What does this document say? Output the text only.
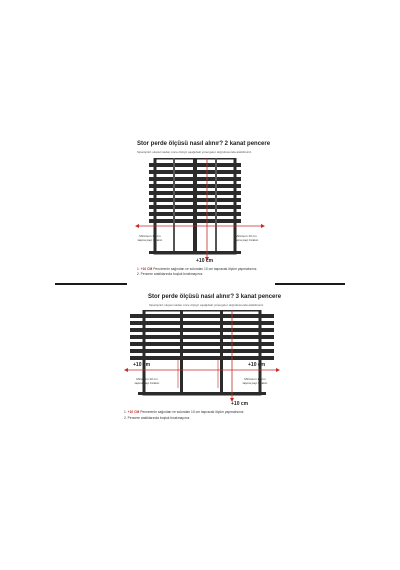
Stor perde ölçüsü nasıl alınır? 2 kanat pencere
Siparişinizi oluşturmadan önce ölçüyü aşağıdaki yönergeler doğrultusunda alabilirsiniz.
Minimum 10 cm
taşma payı bırakın
Minimum 10 cm
taşma payı bırakın
+10 cm
1. +10 CM Pencerenin sağından ve solundan 10 cm taşıracak ölçüm yapmalısınız.
2. Pencere aralıklarında boşluk bırakmayınız.
Stor perde ölçüsü nasıl alınır? 3 kanat pencere
Siparişinizi oluşturmadan önce ölçüyü aşağıdaki yönergeler doğrultusunda alabilirsiniz.
+10 cm	+10 cm
Minimum 10 cm
taşma payı bırakın
Minimum 10 cm
taşma payı bırakın
+10 cm
1. +10 CM Pencerenin sağından ve solundan 10 cm taşıracak ölçüm yapmalısınız.
2. Pencere aralıklarında boşluk bırakmayınız.
